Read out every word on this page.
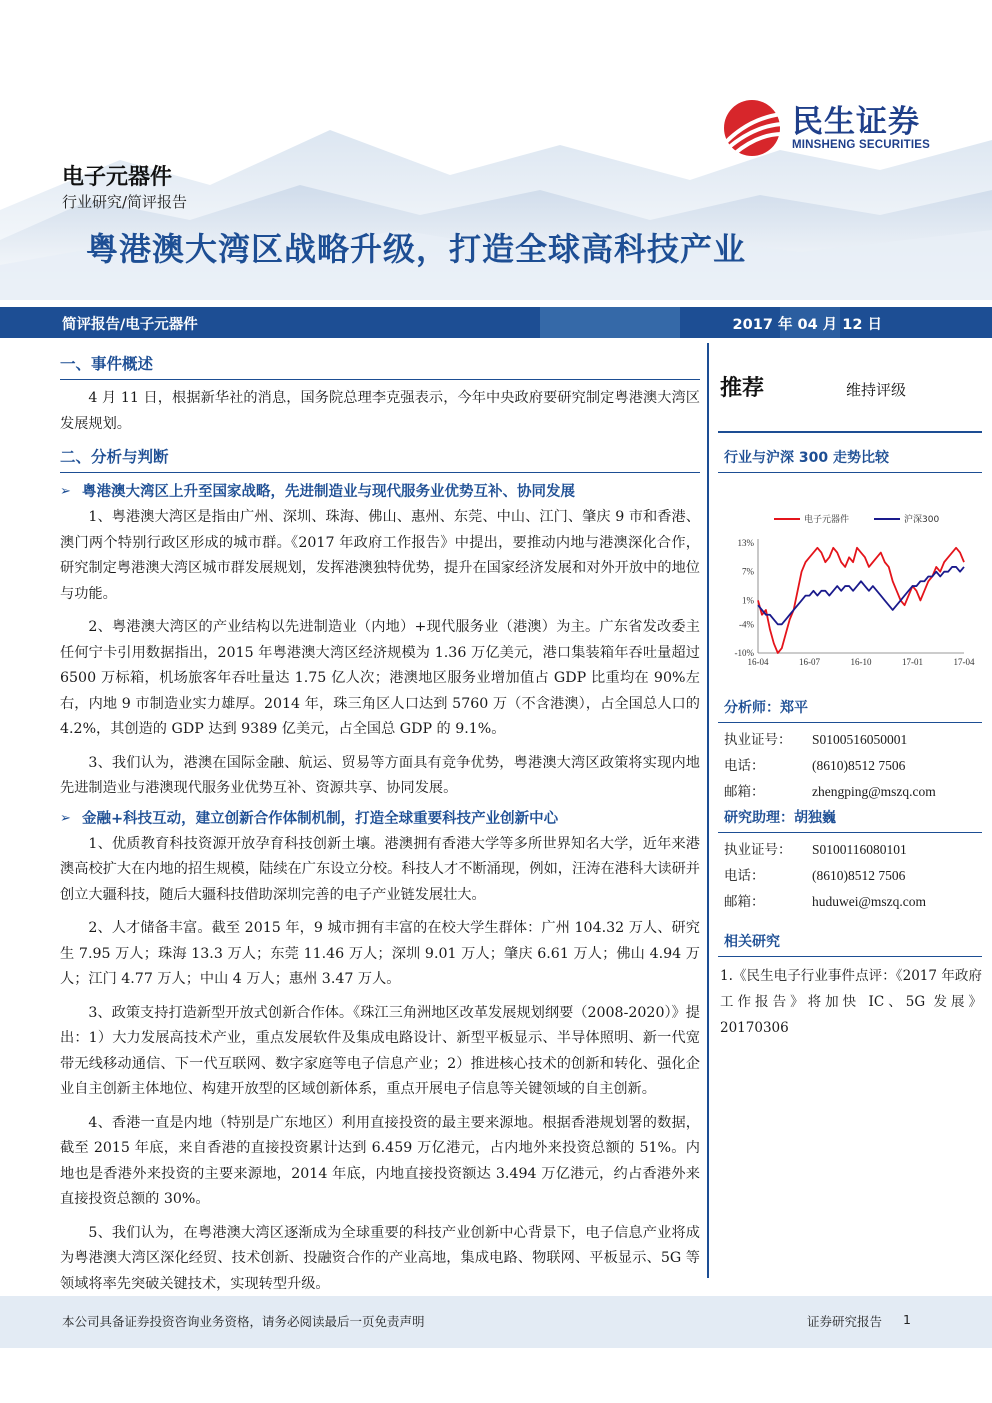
民生证券
MINSHENG SECURITIES
电子元器件
行业研究/简评报告
粤港澳大湾区战略升级，打造全球高科技产业
简评报告/电子元器件	2017 年 04 月 12 日
一、事件概述

4 月 11 日，根据新华社的消息，国务院总理李克强表示，今年中央政府要研究制定粤港澳大湾区发展规划。

二、分析与判断
➢ 粤港澳大湾区上升至国家战略，先进制造业与现代服务业优势互补、协同发展

1、粤港澳大湾区是指由广州、深圳、珠海、佛山、惠州、东莞、中山、江门、肇庆 9 市和香港、澳门两个特别行政区形成的城市群。《2017 年政府工作报告》中提出，要推动内地与港澳深化合作，研究制定粤港澳大湾区城市群发展规划，发挥港澳独特优势，提升在国家经济发展和对外开放中的地位与功能。

2、粤港澳大湾区的产业结构以先进制造业（内地）+现代服务业（港澳）为主。广东省发改委主任何宁卡引用数据指出，2015 年粤港澳大湾区经济规模为 1.36 万亿美元，港口集装箱年吞吐量超过 6500 万标箱，机场旅客年吞吐量达 1.75 亿人次；港澳地区服务业增加值占 GDP 比重均在 90%左右，内地 9 市制造业实力雄厚。2014 年，珠三角区人口达到 5760 万（不含港澳），占全国总人口的 4.2%，其创造的 GDP 达到 9389 亿美元，占全国总 GDP 的 9.1%。

3、我们认为，港澳在国际金融、航运、贸易等方面具有竞争优势，粤港澳大湾区政策将实现内地先进制造业与港澳现代服务业优势互补、资源共享、协同发展。

➢ 金融+科技互动，建立创新合作体制机制，打造全球重要科技产业创新中心

1、优质教育科技资源开放孕育科技创新土壤。港澳拥有香港大学等多所世界知名大学，近年来港澳高校扩大在内地的招生规模，陆续在广东设立分校。科技人才不断涌现，例如，汪涛在港科大读研并创立大疆科技，随后大疆科技借助深圳完善的电子产业链发展壮大。

2、人才储备丰富。截至 2015 年，9 城市拥有丰富的在校大学生群体：广州 104.32 万人、研究生 7.95 万人；珠海 13.3 万人；东莞 11.46 万人；深圳 9.01 万人；肇庆 6.61 万人；佛山 4.94 万人；江门 4.77 万人；中山 4 万人；惠州 3.47 万人。

3、政策支持打造新型开放式创新合作体。《珠江三角洲地区改革发展规划纲要（2008-2020）》提出：1）大力发展高技术产业，重点发展软件及集成电路设计、新型平板显示、半导体照明、新一代宽带无线移动通信、下一代互联网、数字家庭等电子信息产业；2）推进核心技术的创新和转化、强化企业自主创新主体地位、构建开放型的区域创新体系，重点开展电子信息等关键领域的自主创新。

4、香港一直是内地（特别是广东地区）利用直接投资的最主要来源地。根据香港规划署的数据，截至 2015 年底，来自香港的直接投资累计达到 6.459 万亿港元，占内地外来投资总额的 51%。内地也是香港外来投资的主要来源地，2014 年底，内地直接投资额达 3.494 万亿港元，约占香港外来直接投资总额的 30%。

5、我们认为，在粤港澳大湾区逐渐成为全球重要的科技产业创新中心背景下，电子信息产业将成为粤港澳大湾区深化经贸、技术创新、投融资合作的产业高地，集成电路、物联网、平板显示、5G 等领域将率先突破关键技术，实现转型升级。

推荐	维持评级
行业与沪深 300 走势比较
13%
7%
1%
-4%
-10%
16-04	16-07	16-10	17-01	17-04
电子元器件	沪深300
分析师：郑平
执业证号：	S0100516050001
电话：	(8610)8512 7506
邮箱：	zhengping@mszq.com
研究助理：胡独巍
执业证号：	S0100116080101
电话：	(8610)8512 7506
邮箱：	huduwei@mszq.com
相关研究
1.《民生电子行业事件点评：《2017 年政府工作报告》将加快 IC、5G 发展》20170306
本公司具备证券投资咨询业务资格，请务必阅读最后一页免责声明	证券研究报告 1
